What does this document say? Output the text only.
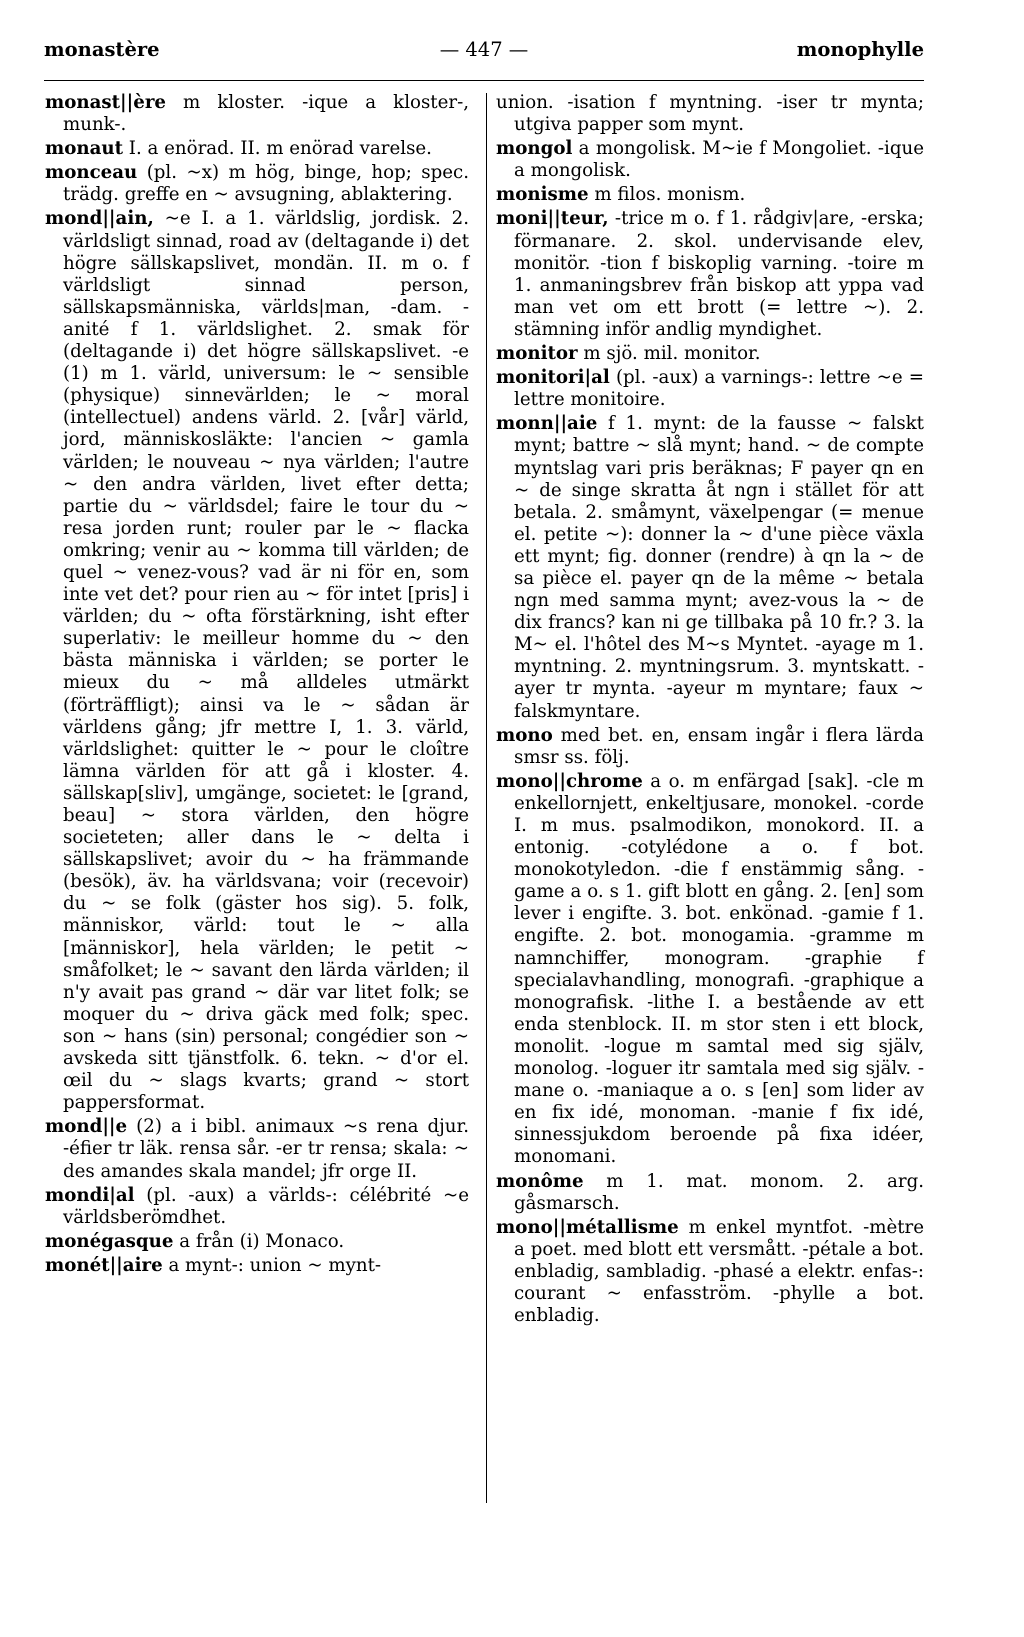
monastère	— 447 —	monophylle

monast||ère m kloster. -ique a kloster-, munk-.

monaut I. a enörad. II. m enörad varelse.

monceau (pl. ~x) m hög, binge, hop; spec. trädg. greffe en ~ avsugning, ablaktering.

mond||ain, ~e I. a 1. världslig, jordisk. 2. världsligt sinnad, road av (deltagande i) det högre sällskapslivet, mondän. II. m o. f världsligt sinnad person, sällskapsmänniska, världs|man, -dam. -anité f 1. världslighet. 2. smak för (deltagande i) det högre sällskapslivet. -e (1) m 1. värld, universum: le ~ sensible (physique) sinnevärlden; le ~ moral (intellectuel) andens värld. 2. [vår] värld, jord, människosläkte: l'ancien ~ gamla världen; le nouveau ~ nya världen; l'autre ~ den andra världen, livet efter detta; partie du ~ världsdel; faire le tour du ~ resa jorden runt; rouler par le ~ flacka omkring; venir au ~ komma till världen; de quel ~ venez-vous? vad är ni för en, som inte vet det? pour rien au ~ för intet [pris] i världen; du ~ ofta förstärkning, isht efter superlativ: le meilleur homme du ~ den bästa människa i världen; se porter le mieux du ~ må alldeles utmärkt (förträffligt); ainsi va le ~ sådan är världens gång; jfr mettre I, 1. 3. värld, världslighet: quitter le ~ pour le cloître lämna världen för att gå i kloster. 4. sällskap[sliv], umgänge, societet: le [grand, beau] ~ stora världen, den högre societeten; aller dans le ~ delta i sällskapslivet; avoir du ~ ha främmande (besök), äv. ha världsvana; voir (recevoir) du ~ se folk (gäster hos sig). 5. folk, människor, värld: tout le ~ alla [människor], hela världen; le petit ~ småfolket; le ~ savant den lärda världen; il n'y avait pas grand ~ där var litet folk; se moquer du ~ driva gäck med folk; spec. son ~ hans (sin) personal; congédier son ~ avskeda sitt tjänstfolk. 6. tekn. ~ d'or el. œil du ~ slags kvarts; grand ~ stort pappersformat.

mond||e (2) a i bibl. animaux ~s rena djur. -éfier tr läk. rensa sår. -er tr rensa; skala: ~ des amandes skala mandel; jfr orge II.

mondi|al (pl. -aux) a världs-: célébrité ~e världsberömdhet.

monégasque a från (i) Monaco.

monét||aire a mynt-: union ~ mynt-

union. -isation f myntning. -iser tr mynta; utgiva papper som mynt.

mongol a mongolisk. M~ie f Mongoliet. -ique a mongolisk.

monisme m filos. monism.

moni||teur, -trice m o. f 1. rådgiv|are, -erska; förmanare. 2. skol. undervisande elev, monitör. -tion f biskoplig varning. -toire m 1. anmaningsbrev från biskop att yppa vad man vet om ett brott (= lettre ~). 2. stämning inför andlig myndighet.

monitor m sjö. mil. monitor.

monitori|al (pl. -aux) a varnings-: lettre ~e = lettre monitoire.

monn||aie f 1. mynt: de la fausse ~ falskt mynt; battre ~ slå mynt; hand. ~ de compte myntslag vari pris beräknas; F payer qn en ~ de singe skratta åt ngn i stället för att betala. 2. småmynt, växelpengar (= menue el. petite ~): donner la ~ d'une pièce växla ett mynt; fig. donner (rendre) à qn la ~ de sa pièce el. payer qn de la même ~ betala ngn med samma mynt; avez-vous la ~ de dix francs? kan ni ge tillbaka på 10 fr.? 3. la M~ el. l'hôtel des M~s Myntet. -ayage m 1. myntning. 2. myntningsrum. 3. myntskatt. -ayer tr mynta. -ayeur m myntare; faux ~ falskmyntare.

mono med bet. en, ensam ingår i flera lärda smsr ss. följ.

mono||chrome a o. m enfärgad [sak]. -cle m enkellornjett, enkeltjusare, monokel. -corde I. m mus. psalmodikon, monokord. II. a entonig. -cotylédone a o. f bot. monokotyledon. -die f enstämmig sång. -game a o. s 1. gift blott en gång. 2. [en] som lever i engifte. 3. bot. enkönad. -gamie f 1. engifte. 2. bot. monogamia. -gramme m namnchiffer, monogram. -graphie f specialavhandling, monografi. -graphique a monografisk. -lithe I. a bestående av ett enda stenblock. II. m stor sten i ett block, monolit. -logue m samtal med sig själv, monolog. -loguer itr samtala med sig själv. -mane o. -maniaque a o. s [en] som lider av en fix idé, monoman. -manie f fix idé, sinnessjukdom beroende på fixa idéer, monomani.

monôme m 1. mat. monom. 2. arg. gåsmarsch.

mono||métallisme m enkel myntfot. -mètre a poet. med blott ett versmått. -pétale a bot. enbladig, sambladig. -phasé a elektr. enfas-: courant ~ enfasström. -phylle a bot. enbladig.
